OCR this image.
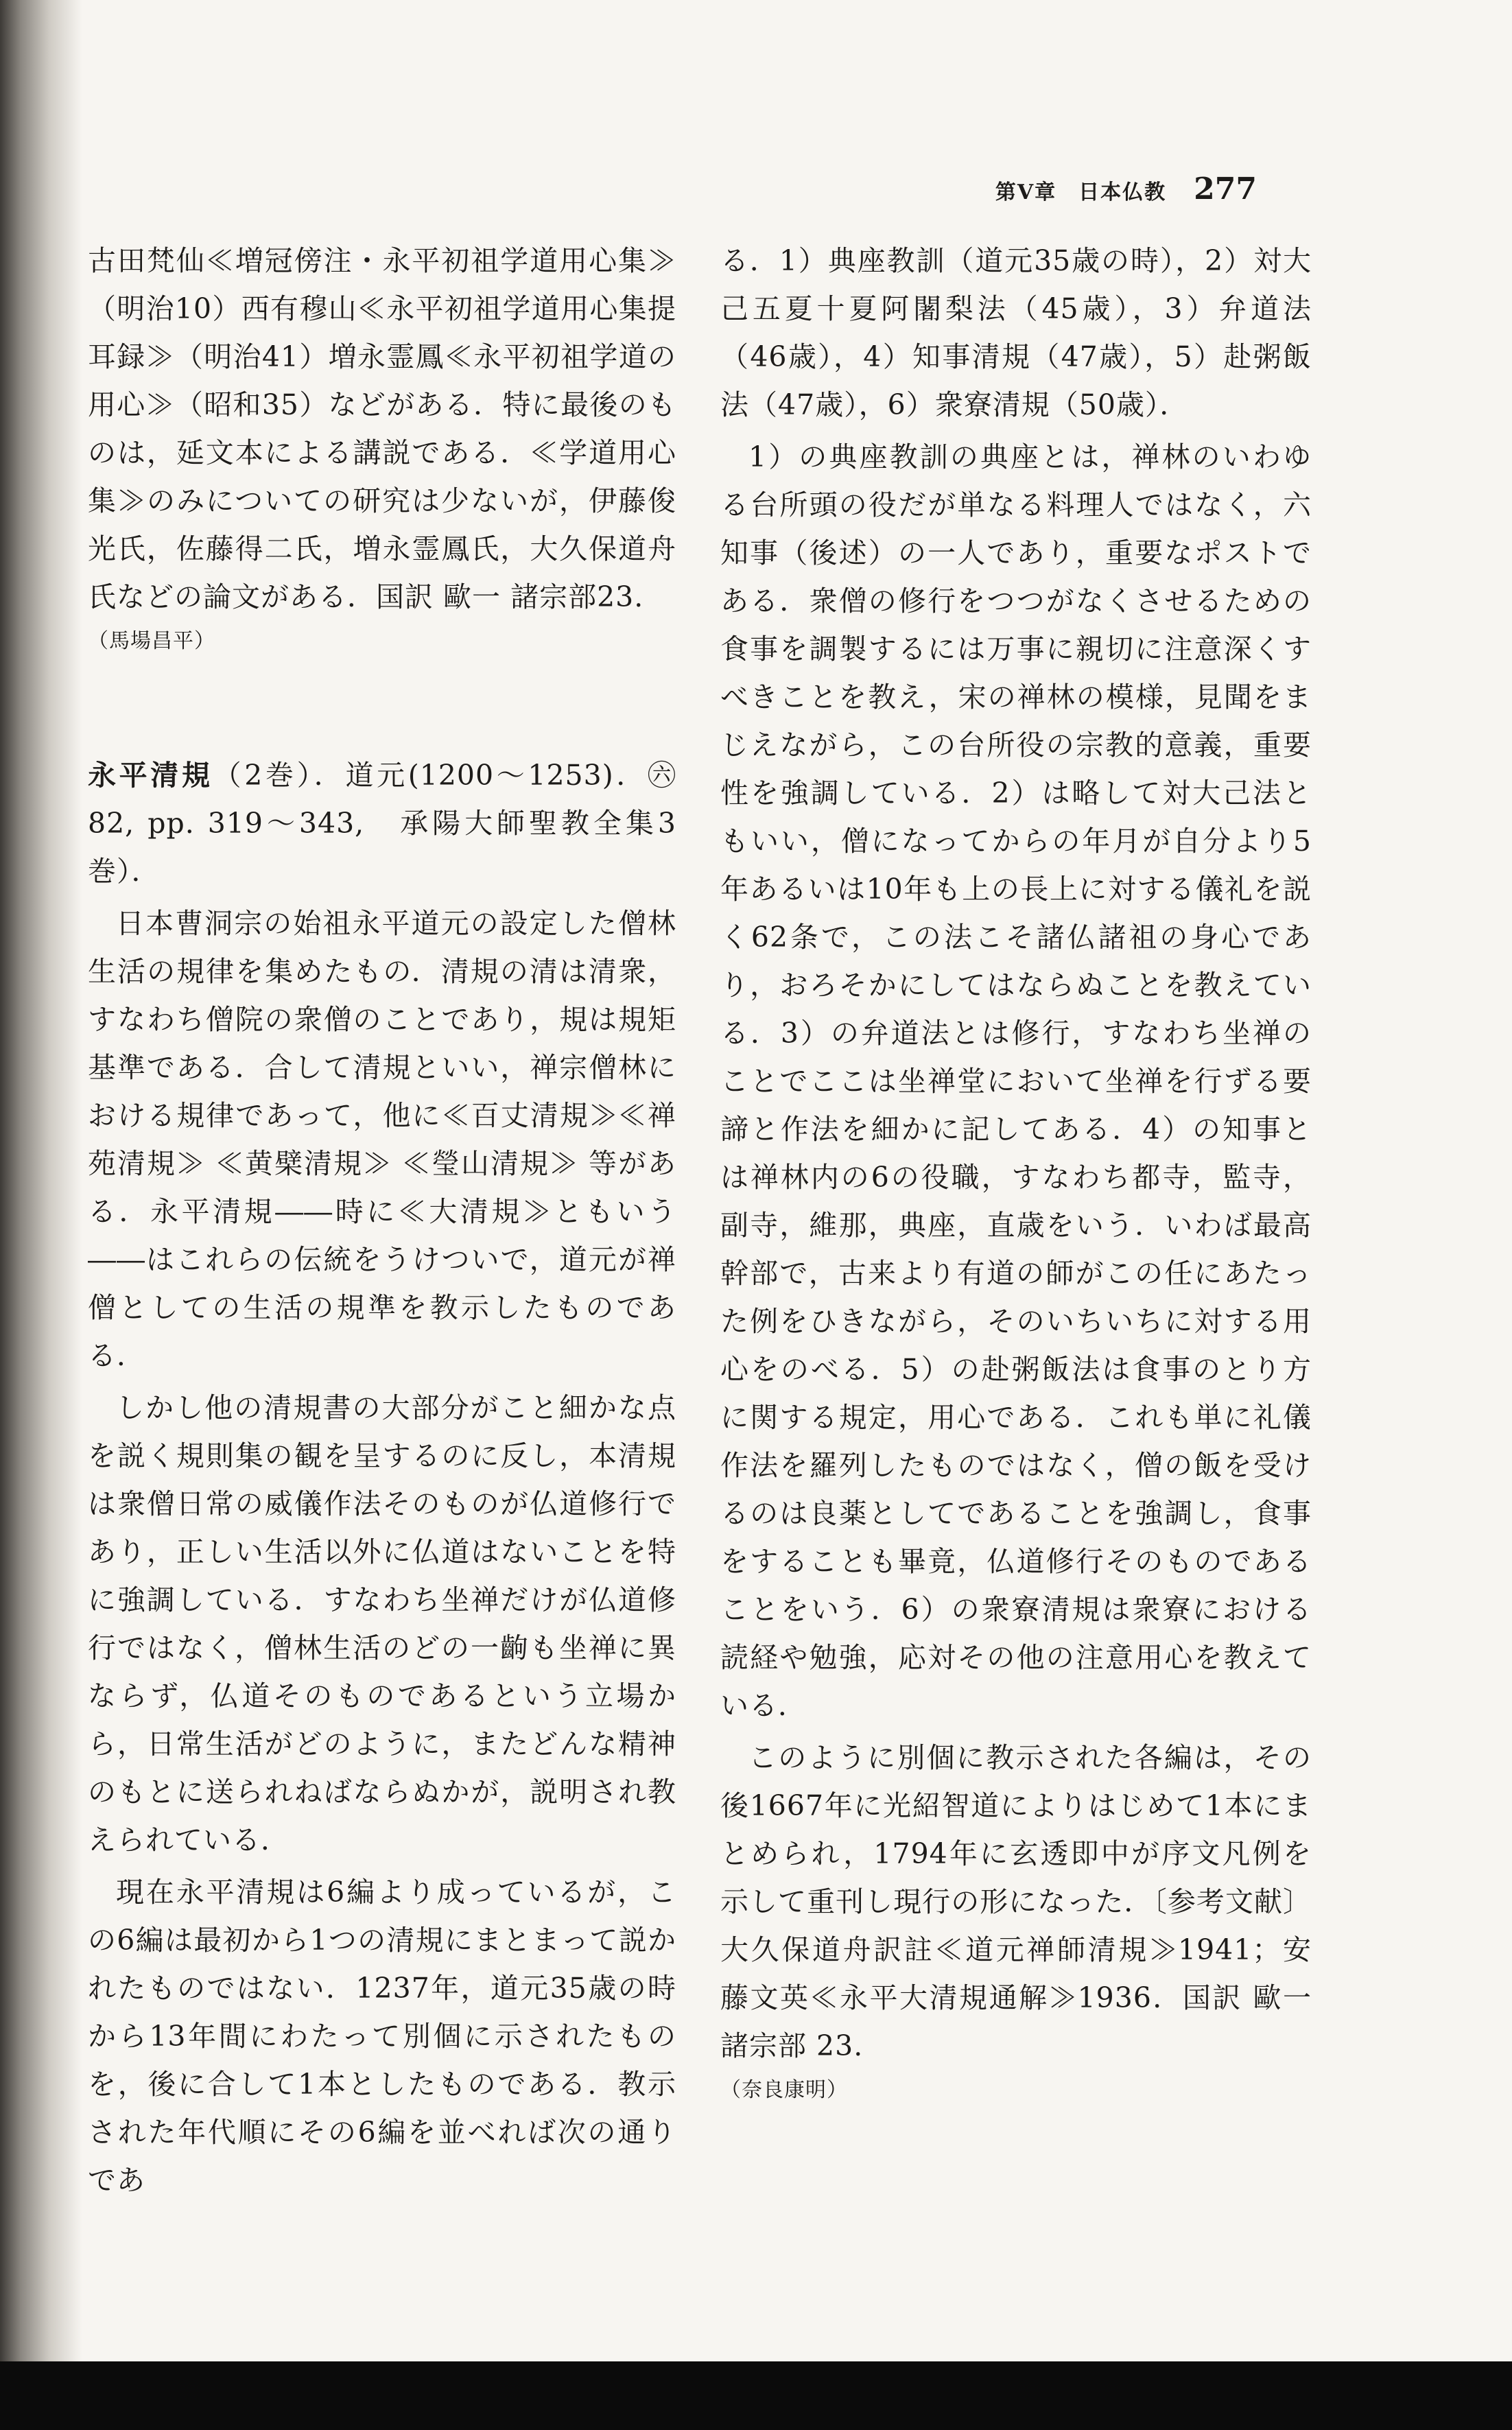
第V章　日本仏教 277

古田梵仙≪増冠傍注・永平初祖学道用心集≫（明治10）西有穆山≪永平初祖学道用心集提耳録≫（明治41）増永霊鳳≪永平初祖学道の用心≫（昭和35）などがある．特に最後のものは，延文本による講説である．≪学道用心集≫のみについての研究は少ないが，伊藤俊光氏，佐藤得二氏，増永霊鳳氏，大久保道舟氏などの論文がある．国訳 歐一 諸宗部23.

（馬場昌平）

永平清規（2巻）．道元(1200～1253)．㊅ 82, pp. 319～343,　承陽大師聖教全集3巻）．

日本曹洞宗の始祖永平道元の設定した僧林生活の規律を集めたもの．清規の清は清衆，すなわち僧院の衆僧のことであり，規は規矩基準である．合して清規といい，禅宗僧林における規律であって，他に≪百丈清規≫≪禅苑清規≫ ≪黄檗清規≫ ≪瑩山清規≫ 等がある．永平清規――時に≪大清規≫ともいう――はこれらの伝統をうけついで，道元が禅僧としての生活の規準を教示したものである．

しかし他の清規書の大部分がこと細かな点を説く規則集の観を呈するのに反し，本清規は衆僧日常の威儀作法そのものが仏道修行であり，正しい生活以外に仏道はないことを特に強調している．すなわち坐禅だけが仏道修行ではなく，僧林生活のどの一齣も坐禅に異ならず，仏道そのものであるという立場から，日常生活がどのように，またどんな精神のもとに送られねばならぬかが，説明され教えられている．

現在永平清規は6編より成っているが，この6編は最初から1つの清規にまとまって説かれたものではない．1237年，道元35歳の時から13年間にわたって別個に示されたものを，後に合して1本としたものである．教示された年代順にその6編を並べれば次の通りであ

る．1）典座教訓（道元35歳の時），2）対大己五夏十夏阿闍梨法（45歳），3）弁道法（46歳），4）知事清規（47歳），5）赴粥飯法（47歳），6）衆寮清規（50歳）．

1）の典座教訓の典座とは，禅林のいわゆる台所頭の役だが単なる料理人ではなく，六知事（後述）の一人であり，重要なポストである．衆僧の修行をつつがなくさせるための食事を調製するには万事に親切に注意深くすべきことを教え，宋の禅林の模様，見聞をまじえながら，この台所役の宗教的意義，重要性を強調している．2）は略して対大己法ともいい，僧になってからの年月が自分より5年あるいは10年も上の長上に対する儀礼を説く62条で，この法こそ諸仏諸祖の身心であり，おろそかにしてはならぬことを教えている．3）の弁道法とは修行，すなわち坐禅のことでここは坐禅堂において坐禅を行ずる要諦と作法を細かに記してある．4）の知事とは禅林内の6の役職，すなわち都寺，監寺，副寺，維那，典座，直歳をいう．いわば最高幹部で，古来より有道の師がこの任にあたった例をひきながら，そのいちいちに対する用心をのべる．5）の赴粥飯法は食事のとり方に関する規定，用心である．これも単に礼儀作法を羅列したものではなく，僧の飯を受けるのは良薬としてであることを強調し，食事をすることも畢竟，仏道修行そのものであることをいう．6）の衆寮清規は衆寮における読経や勉強，応対その他の注意用心を教えている．

このように別個に教示された各編は，その後1667年に光紹智道によりはじめて1本にまとめられ，1794年に玄透即中が序文凡例を示して重刊し現行の形になった．〔参考文献〕大久保道舟訳註≪道元禅師清規≫1941；安藤文英≪永平大清規通解≫1936．国訳 歐一 諸宗部 23.

（奈良康明）
